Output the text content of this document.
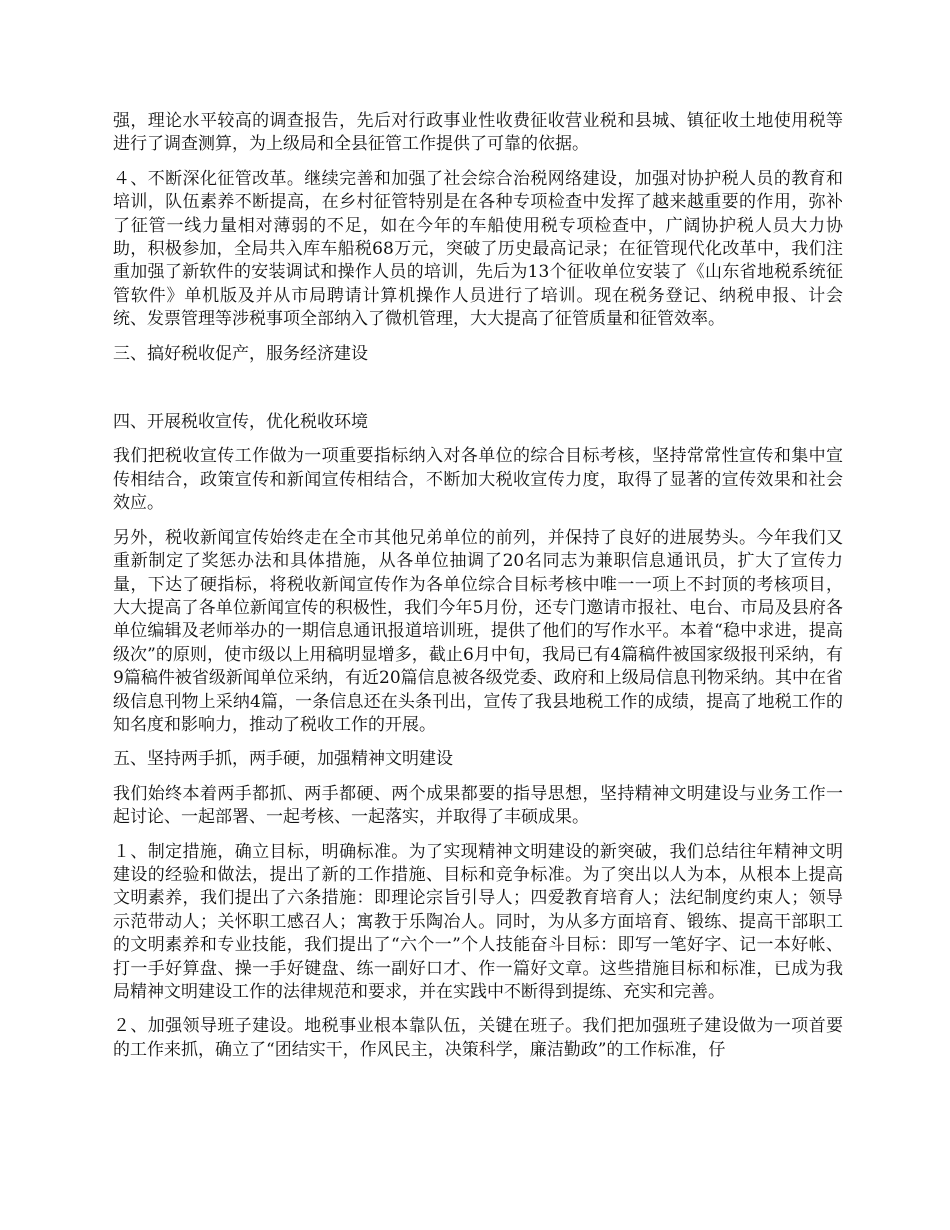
强，理论水平较高的调查报告，先后对行政事业性收费征收营业税和县城、镇征收土地使用税等进行了调查测算，为上级局和全县征管工作提供了可靠的依据。

４、不断深化征管改革。继续完善和加强了社会综合治税网络建设，加强对协护税人员的教育和培训，队伍素养不断提高，在乡村征管特别是在各种专项检查中发挥了越来越重要的作用，弥补了征管一线力量相对薄弱的不足，如在今年的车船使用税专项检查中，广阔协护税人员大力协助，积极参加，全局共入库车船税68万元，突破了历史最高记录；在征管现代化改革中，我们注重加强了新软件的安装调试和操作人员的培训，先后为13个征收单位安装了《山东省地税系统征管软件》单机版及并从市局聘请计算机操作人员进行了培训。现在税务登记、纳税申报、计会统、发票管理等涉税事项全部纳入了微机管理，大大提高了征管质量和征管效率。

三、搞好税收促产，服务经济建设

四、开展税收宣传，优化税收环境

我们把税收宣传工作做为一项重要指标纳入对各单位的综合目标考核，坚持常常性宣传和集中宣传相结合，政策宣传和新闻宣传相结合，不断加大税收宣传力度，取得了显著的宣传效果和社会效应。

另外，税收新闻宣传始终走在全市其他兄弟单位的前列，并保持了良好的进展势头。今年我们又重新制定了奖惩办法和具体措施，从各单位抽调了20名同志为兼职信息通讯员，扩大了宣传力量，下达了硬指标，将税收新闻宣传作为各单位综合目标考核中唯一一项上不封顶的考核项目，大大提高了各单位新闻宣传的积极性，我们今年5月份，还专门邀请市报社、电台、市局及县府各单位编辑及老师举办的一期信息通讯报道培训班，提供了他们的写作水平。本着“稳中求进，提高级次”的原则，使市级以上用稿明显增多，截止6月中旬，我局已有4篇稿件被国家级报刊采纳，有9篇稿件被省级新闻单位采纳，有近20篇信息被各级党委、政府和上级局信息刊物采纳。其中在省级信息刊物上采纳4篇，一条信息还在头条刊出，宣传了我县地税工作的成绩，提高了地税工作的知名度和影响力，推动了税收工作的开展。

五、坚持两手抓，两手硬，加强精神文明建设

我们始终本着两手都抓、两手都硬、两个成果都要的指导思想，坚持精神文明建设与业务工作一起讨论、一起部署、一起考核、一起落实，并取得了丰硕成果。

１、制定措施，确立目标，明确标准。为了实现精神文明建设的新突破，我们总结往年精神文明建设的经验和做法，提出了新的工作措施、目标和竞争标准。为了突出以人为本，从根本上提高文明素养，我们提出了六条措施：即理论宗旨引导人；四爱教育培育人；法纪制度约束人；领导示范带动人；关怀职工感召人；寓教于乐陶冶人。同时，为从多方面培育、锻练、提高干部职工的文明素养和专业技能，我们提出了“六个一”个人技能奋斗目标：即写一笔好字、记一本好帐、打一手好算盘、操一手好键盘、练一副好口才、作一篇好文章。这些措施目标和标准，已成为我局精神文明建设工作的法律规范和要求，并在实践中不断得到提练、充实和完善。

２、加强领导班子建设。地税事业根本靠队伍，关键在班子。我们把加强班子建设做为一项首要的工作来抓，确立了“团结实干，作风民主，决策科学，廉洁勤政”的工作标准，仔
